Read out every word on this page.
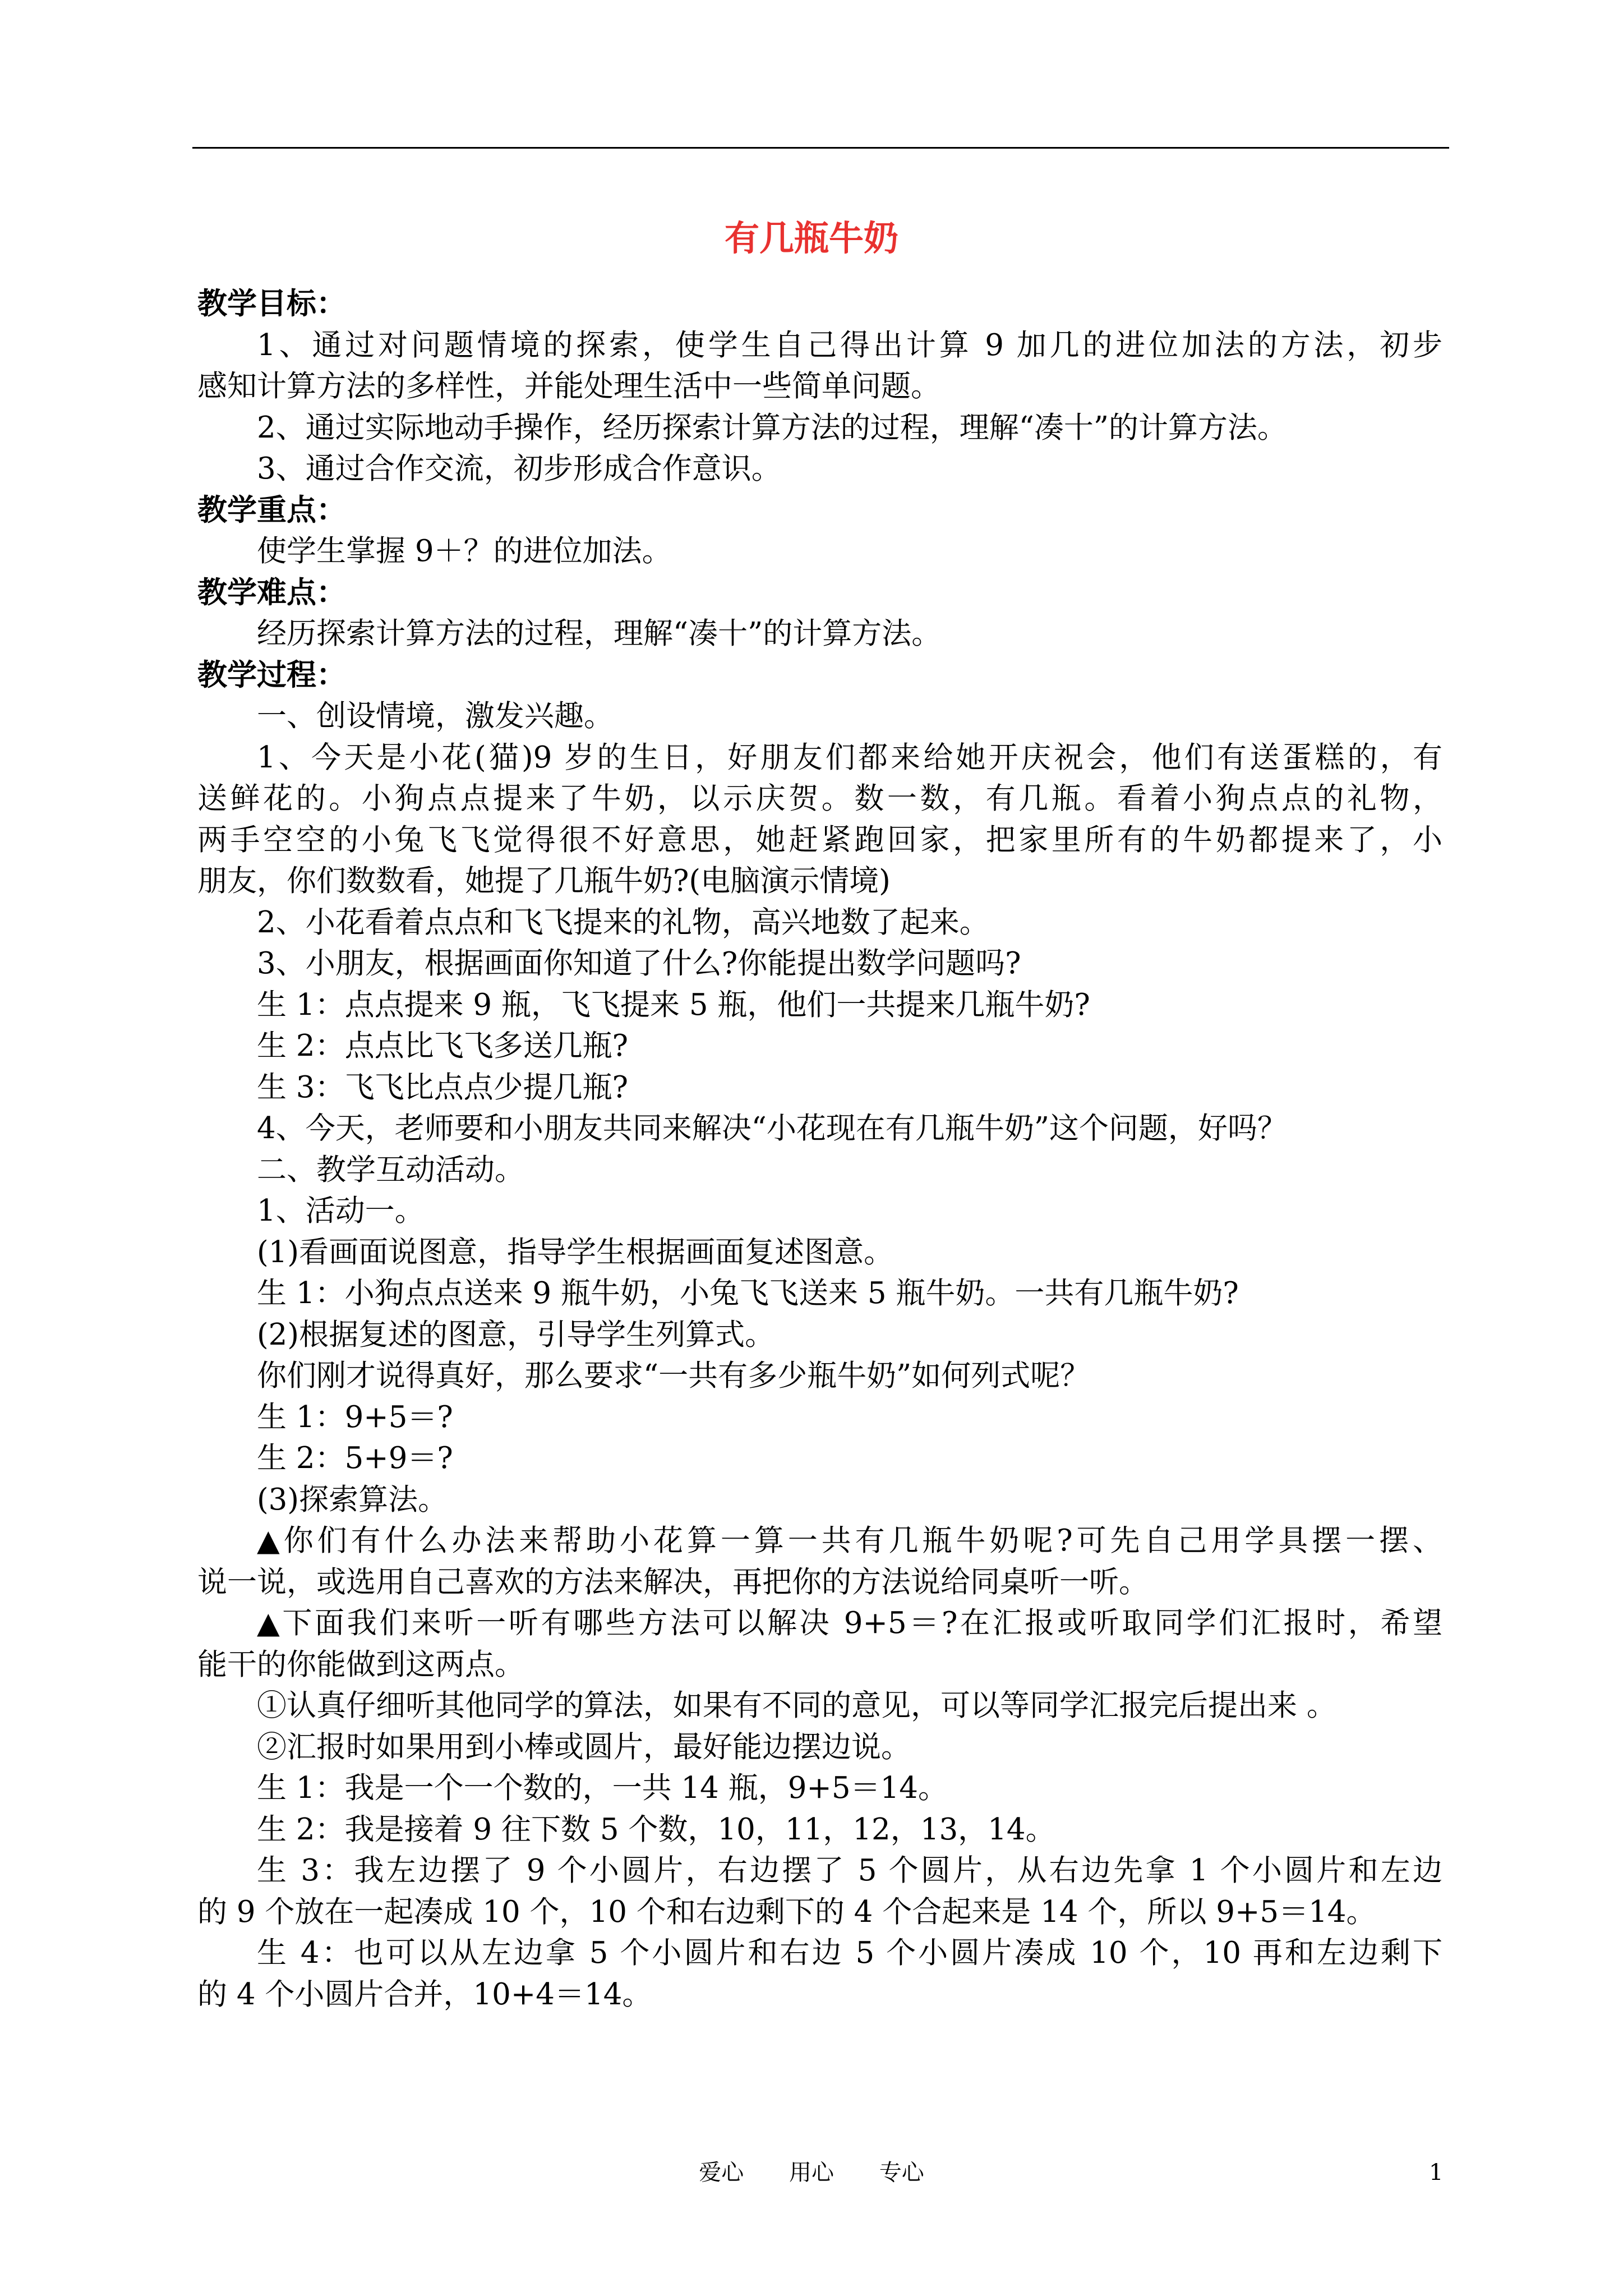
有几瓶牛奶
教学目标：
1、通过对问题情境的探索，使学生自己得出计算 9 加几的进位加法的方法，初步
感知计算方法的多样性，并能处理生活中一些简单问题。
2、通过实际地动手操作，经历探索计算方法的过程，理解“凑十”的计算方法。
3、通过合作交流，初步形成合作意识。
教学重点：
使学生掌握 9＋？的进位加法。
教学难点：
经历探索计算方法的过程，理解“凑十”的计算方法。
教学过程：
一、创设情境，激发兴趣。
1、今天是小花(猫)9 岁的生日，好朋友们都来给她开庆祝会，他们有送蛋糕的，有
送鲜花的。小狗点点提来了牛奶，以示庆贺。数一数，有几瓶。看着小狗点点的礼物，
两手空空的小兔飞飞觉得很不好意思，她赶紧跑回家，把家里所有的牛奶都提来了，小
朋友，你们数数看，她提了几瓶牛奶?(电脑演示情境)
2、小花看着点点和飞飞提来的礼物，高兴地数了起来。
3、小朋友，根据画面你知道了什么?你能提出数学问题吗?
生 1：点点提来 9 瓶，飞飞提来 5 瓶，他们一共提来几瓶牛奶?
生 2：点点比飞飞多送几瓶?
生 3：飞飞比点点少提几瓶?
4、今天，老师要和小朋友共同来解决“小花现在有几瓶牛奶”这个问题，好吗？
二、教学互动活动。
1、活动一。
(1)看画面说图意，指导学生根据画面复述图意。
生 1：小狗点点送来 9 瓶牛奶，小兔飞飞送来 5 瓶牛奶。一共有几瓶牛奶?
(2)根据复述的图意，引导学生列算式。
你们刚才说得真好，那么要求“一共有多少瓶牛奶”如何列式呢？
生 1：9+5＝?
生 2：5+9＝?
(3)探索算法。
▲你们有什么办法来帮助小花算一算一共有几瓶牛奶呢?可先自己用学具摆一摆、
说一说，或选用自己喜欢的方法来解决，再把你的方法说给同桌听一听。
▲下面我们来听一听有哪些方法可以解决 9+5＝?在汇报或听取同学们汇报时，希望
能干的你能做到这两点。
①认真仔细听其他同学的算法，如果有不同的意见，可以等同学汇报完后提出来 。
②汇报时如果用到小棒或圆片，最好能边摆边说。
生 1：我是一个一个数的，一共 14 瓶，9+5＝14。
生 2：我是接着 9 往下数 5 个数，10，11，12，13，14。
生 3：我左边摆了 9 个小圆片，右边摆了 5 个圆片，从右边先拿 1 个小圆片和左边
的 9 个放在一起凑成 10 个，10 个和右边剩下的 4 个合起来是 14 个，所以 9+5＝14。
生 4：也可以从左边拿 5 个小圆片和右边 5 个小圆片凑成 10 个，10 再和左边剩下
的 4 个小圆片合并，10+4＝14。
爱心 用心 专心	1
